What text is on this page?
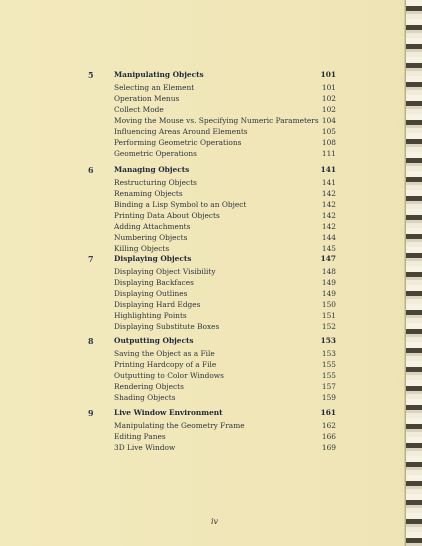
5	Manipulating Objects	101
Selecting an Element	101
Operation Menus	102
Collect Mode	102
Moving the Mouse vs. Specifying Numeric Parameters 104
Influencing Areas Around Elements	105
Performing Geometric Operations	108
Geometric Operations	111
6	Managing Objects	141
Restructuring Objects	141
Renaming Objects	142
Binding a Lisp Symbol to an Object	142
Printing Data About Objects	142
Adding Attachments	142
Numbering Objects	144
Killing Objects	145
7	Displaying Objects	147
Displaying Object Visibility	148
Displaying Backfaces	149
Displaying Outlines	149
Displaying Hard Edges	150
Highlighting Points	151
Displaying Substitute Boxes	152
8	Outputting Objects	153
Saving the Object as a File	153
Printing Hardcopy of a File	155
Outputting to Color Windows	155
Rendering Objects	157
Shading Objects	159
9	Live Window Environment	161
Manipulating the Geometry Frame	162
Editing Panes	166
3D Live Window	169
iv
